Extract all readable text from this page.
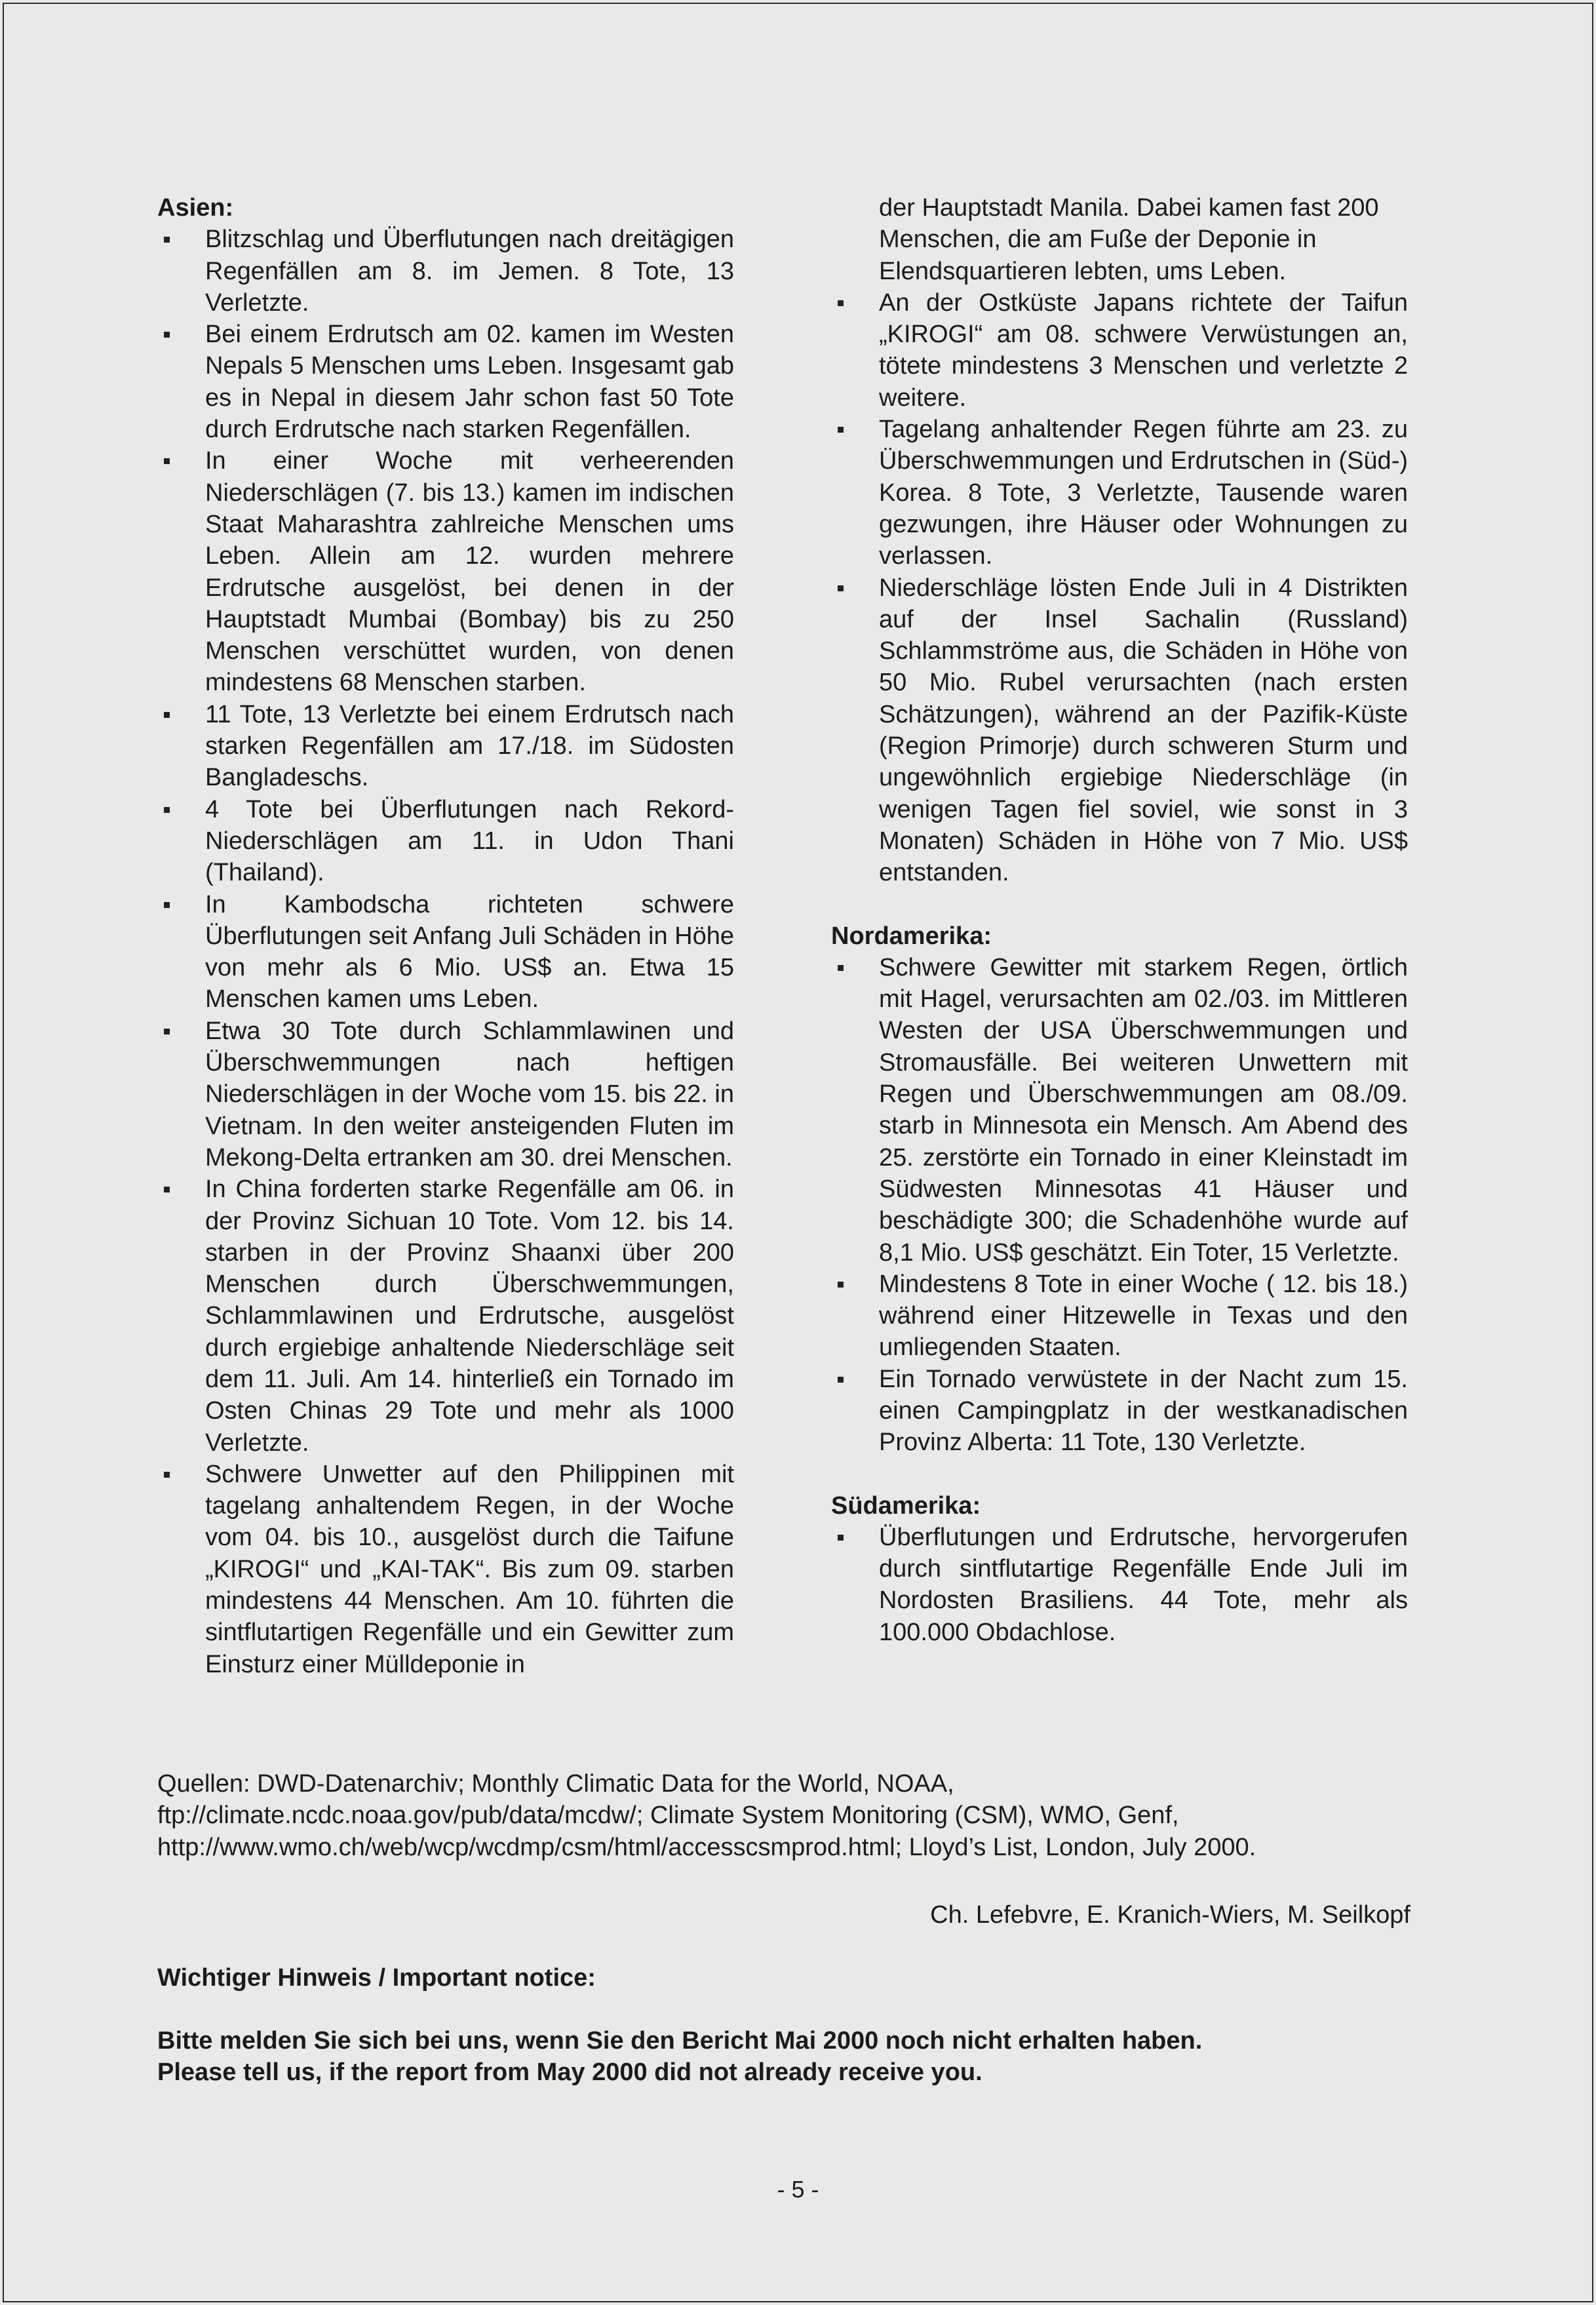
Asien:
Blitzschlag und Überflutungen nach dreitägigen Regenfällen am 8. im Jemen. 8 Tote, 13 Verletzte.
Bei einem Erdrutsch am 02. kamen im Westen Nepals 5 Menschen ums Leben. Insgesamt gab es in Nepal in diesem Jahr schon fast 50 Tote durch Erdrutsche nach starken Regenfällen.
In einer Woche mit verheerenden Niederschlägen (7. bis 13.) kamen im indischen Staat Maharashtra zahlreiche Menschen ums Leben. Allein am 12. wurden mehrere Erdrutsche ausgelöst, bei denen in der Hauptstadt Mumbai (Bombay) bis zu 250 Menschen verschüttet wurden, von denen mindestens 68 Menschen starben.
11 Tote, 13 Verletzte bei einem Erdrutsch nach starken Regenfällen am 17./18. im Südosten Bangladeschs.
4 Tote bei Überflutungen nach Rekord-Niederschlägen am 11. in Udon Thani (Thailand).
In Kambodscha richteten schwere Überflutungen seit Anfang Juli Schäden in Höhe von mehr als 6 Mio. US$ an. Etwa 15 Menschen kamen ums Leben.
Etwa 30 Tote durch Schlammlawinen und Überschwemmungen nach heftigen Niederschlägen in der Woche vom 15. bis 22. in Vietnam. In den weiter ansteigenden Fluten im Mekong-Delta ertranken am 30. drei Menschen.
In China forderten starke Regenfälle am 06. in der Provinz Sichuan 10 Tote. Vom 12. bis 14. starben in der Provinz Shaanxi über 200 Menschen durch Überschwemmungen, Schlammlawinen und Erdrutsche, ausgelöst durch ergiebige anhaltende Niederschläge seit dem 11. Juli. Am 14. hinterließ ein Tornado im Osten Chinas 29 Tote und mehr als 1000 Verletzte.
Schwere Unwetter auf den Philippinen mit tagelang anhaltendem Regen, in der Woche vom 04. bis 10., ausgelöst durch die Taifune „KIROGI“ und „KAI-TAK“. Bis zum 09. starben mindestens 44 Menschen. Am 10. führten die sintflutartigen Regenfälle und ein Gewitter zum Einsturz einer Mülldeponie in
der Hauptstadt Manila. Dabei kamen fast 200 Menschen, die am Fuße der Deponie in Elendsquartieren lebten, ums Leben.
An der Ostküste Japans richtete der Taifun „KIROGI“ am 08. schwere Verwüstungen an, tötete mindestens 3 Menschen und verletzte 2 weitere.
Tagelang anhaltender Regen führte am 23. zu Überschwemmungen und Erdrutschen in (Süd-) Korea. 8 Tote, 3 Verletzte, Tausende waren gezwungen, ihre Häuser oder Wohnungen zu verlassen.
Niederschläge lösten Ende Juli in 4 Distrikten auf der Insel Sachalin (Russland) Schlammströme aus, die Schäden in Höhe von 50 Mio. Rubel verursachten (nach ersten Schätzungen), während an der Pazifik-Küste (Region Primorje) durch schweren Sturm und ungewöhnlich ergiebige Niederschläge (in wenigen Tagen fiel soviel, wie sonst in 3 Monaten) Schäden in Höhe von 7 Mio. US$ entstanden.
Nordamerika:
Schwere Gewitter mit starkem Regen, örtlich mit Hagel, verursachten am 02./03. im Mittleren Westen der USA Überschwemmungen und Stromausfälle. Bei weiteren Unwettern mit Regen und Überschwemmungen am 08./09. starb in Minnesota ein Mensch. Am Abend des 25. zerstörte ein Tornado in einer Kleinstadt im Südwesten Minnesotas 41 Häuser und beschädigte 300; die Schadenhöhe wurde auf 8,1 Mio. US$ geschätzt. Ein Toter, 15 Verletzte.
Mindestens 8 Tote in einer Woche ( 12. bis 18.) während einer Hitzewelle in Texas und den umliegenden Staaten.
Ein Tornado verwüstete in der Nacht zum 15. einen Campingplatz in der westkanadischen Provinz Alberta: 11 Tote, 130 Verletzte.
Südamerika:
Überflutungen und Erdrutsche, hervorgerufen durch sintflutartige Regenfälle Ende Juli im Nordosten Brasiliens. 44 Tote, mehr als 100.000 Obdachlose.

Quellen: DWD-Datenarchiv; Monthly Climatic Data for the World, NOAA,

ftp://climate.ncdc.noaa.gov/pub/data/mcdw/; Climate System Monitoring (CSM), WMO, Genf,

http://www.wmo.ch/web/wcp/wcdmp/csm/html/accesscsmprod.html; Lloyd’s List, London, July 2000.

Ch. Lefebvre, E. Kranich-Wiers, M. Seilkopf
Wichtiger Hinweis / Important notice:

Bitte melden Sie sich bei uns, wenn Sie den Bericht Mai 2000 noch nicht erhalten haben.

Please tell us, if the report from May 2000 did not already receive you.

- 5 -
